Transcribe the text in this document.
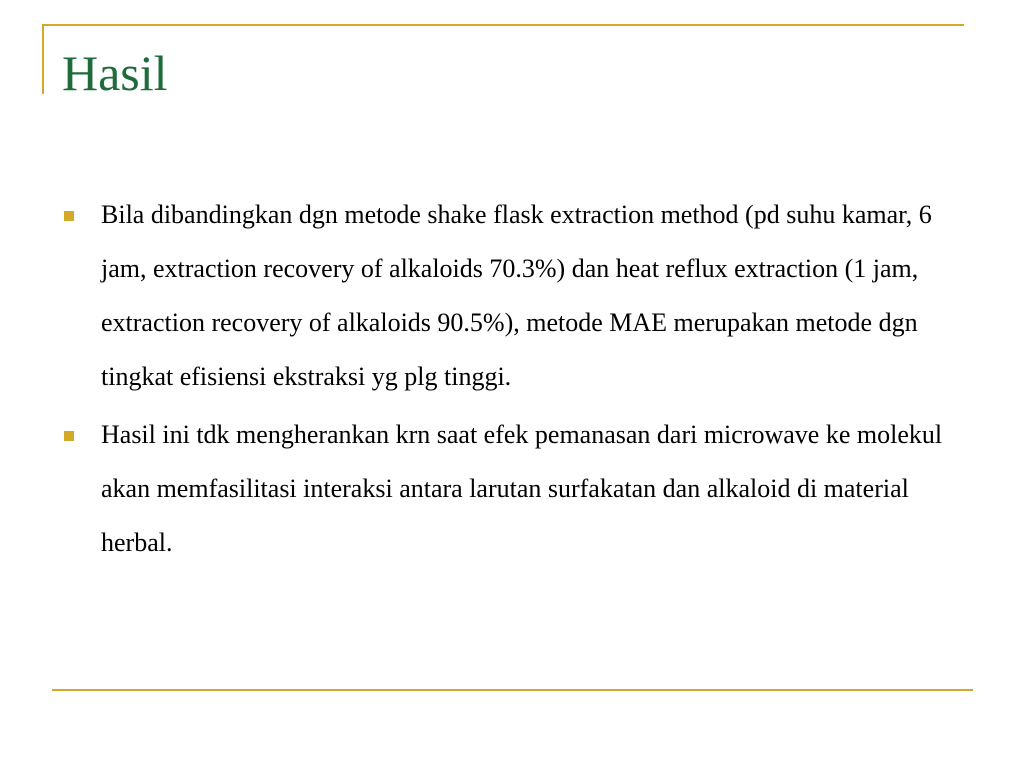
Hasil
Bila dibandingkan dgn metode shake flask extraction method (pd suhu kamar, 6 jam, extraction recovery of alkaloids 70.3%) dan heat reflux extraction (1 jam, extraction recovery of alkaloids 90.5%), metode MAE merupakan metode dgn tingkat efisiensi ekstraksi yg plg tinggi.
Hasil ini tdk mengherankan krn saat efek pemanasan dari microwave ke molekul akan memfasilitasi interaksi antara larutan surfakatan dan alkaloid di material herbal.
